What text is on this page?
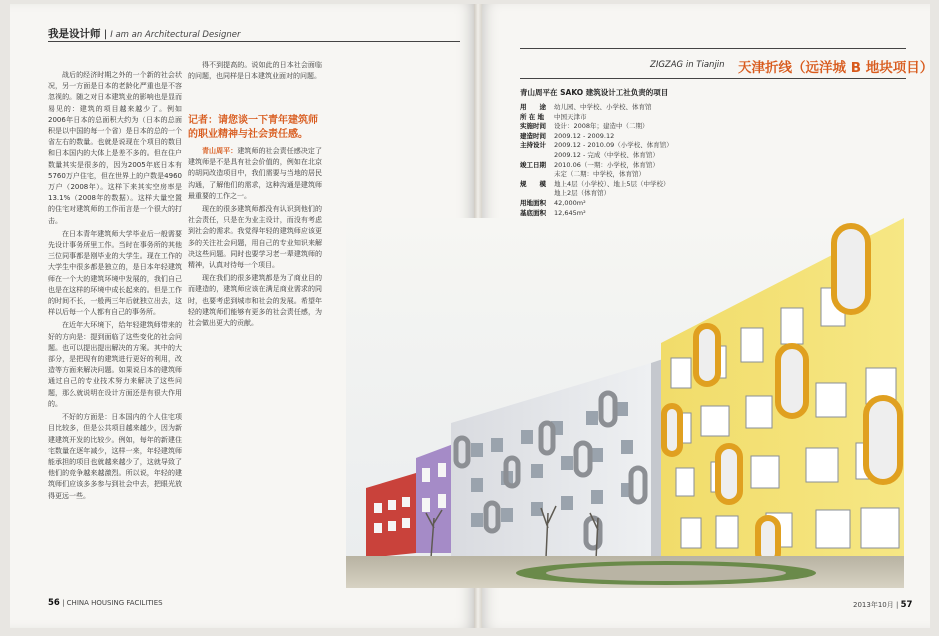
我是设计师 | I am an Architectural Designer

战后的经济时期之外的一个新的社会状况，另一方面是日本的老龄化严重也是不容忽视的。随之对日本建筑业的影响也是显而易见的：建筑的项目越来越少了。例如2006年日本的总面积大约为（日本的总面积是以中国的每一个省）是日本的总的一个省左右的数量。也就是说现在个项目的数目和日本国内的大体上是差不多的。但在住户数量其实是很多的，因为2005年底日本有5760万户住宅，但在世界上的户数是4960万户（2008年）。这样下来其实空房率是13.1%（2008年的数据）。这样大量空置的住宅对建筑师的工作而言是一个很大的打击。

在日本青年建筑师大学毕业后一般需要先设计事务所里工作。当时在事务所的其他三位同事都是刚毕业的大学生。现在工作的大学生中很多都是独立的，是日本年轻建筑师在一个大的建筑环境中发展的，我们自己也是在这样的环境中成长起来的。但是工作的时间不长，一般两三年后就独立出去，这样以后每一个人都有自己的事务所。

在近年大环境下，给年轻建筑师带来的好的方向是：提到面临了这些变化的社会问题。也可以提出提出解决的方案。其中的大部分，是把现有的建筑进行更好的利用，改造等方面来解决问题。如果说日本的建筑师通过自己的专业技术努力来解决了这些问题，那么就说明在设计方面还是有很大作用的。

不好的方面是：日本国内的个人住宅项目比较多，但是公共项目越来越少，因为新建建筑开发的比较少。例如，每年的新建住宅数量在逐年减少，这样一来，年轻建筑师能承担的项目也就越来越少了，这就导致了他们的竞争越来越激烈。所以说，年轻的建筑师们应该多多参与到社会中去，把眼光放得更远一些。

得不到提高的。说如此的日本社会面临的问题，也同样是日本建筑业面对的问题。

记者：请您谈一下青年建筑师的职业精神与社会责任感。

青山周平：建筑师的社会责任感决定了建筑师是不是具有社会价值的，例如在北京的胡同改造项目中，我们需要与当地的居民沟通，了解他们的需求，这种沟通是建筑师最重要的工作之一。

现在的很多建筑师都没有认识到他们的社会责任，只是在为业主设计，而没有考虑到社会的需求。我觉得年轻的建筑师应该更多的关注社会问题，用自己的专业知识来解决这些问题。同时也要学习老一辈建筑师的精神，认真对待每一个项目。

现在我们的很多建筑都是为了商业目的而建造的，建筑师应该在满足商业需求的同时，也要考虑到城市和社会的发展。希望年轻的建筑师们能够有更多的社会责任感，为社会做出更大的贡献。

56 | CHINA HOUSING FACILITIES
ZIGZAG in Tianjin 天津折线（远洋城 B 地块项目）
青山周平在 SAKO 建筑设计工社负责的项目
用　　途	幼儿园、中学校、小学校、体育馆
所 在 地	中国天津市
实施时间	设计：2008年；建造中（二期）
建造时间	2009.12 - 2009.12
主持设计	2009.12 - 2010.09（小学校、体育馆）
2009.12 - 完成（中学校、体育馆）
竣工日期	2010.06（一期：小学校，体育馆）
未定（二期：中学校，体育馆）
规　　模	地上4层（小学校）、地上5层（中学校）
地上2层（体育馆）
用地面积	42,000m²
基底面积	12,645m²
2013年10月 | 57
